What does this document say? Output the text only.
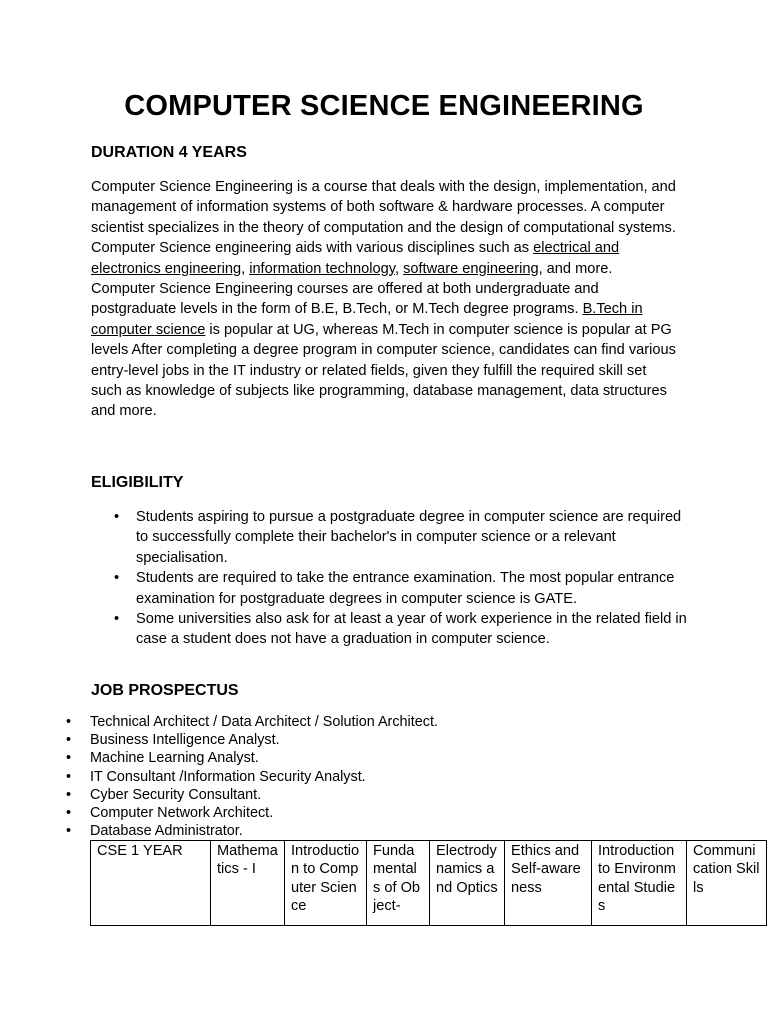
COMPUTER SCIENCE ENGINEERING
DURATION 4 YEARS

Computer Science Engineering is a course that deals with the design, implementation, and management of information systems of both software & hardware processes. A computer scientist specializes in the theory of computation and the design of computational systems. Computer Science engineering aids with various disciplines such as electrical and electronics engineering, information technology, software engineering, and more.

Computer Science Engineering courses are offered at both undergraduate and postgraduate levels in the form of B.E, B.Tech, or M.Tech degree programs. B.Tech in computer science is popular at UG, whereas M.Tech in computer science is popular at PG levels After completing a degree program in computer science, candidates can find various entry-level jobs in the IT industry or related fields, given they fulfill the required skill set such as knowledge of subjects like programming, database management, data structures and more.

ELIGIBILITY
• Students aspiring to pursue a postgraduate degree in computer science are required to successfully complete their bachelor's in computer science or a relevant specialisation.
• Students are required to take the entrance examination. The most popular entrance examination for postgraduate degrees in computer science is GATE.
• Some universities also ask for at least a year of work experience in the related field in case a student does not have a graduation in computer science.
JOB PROSPECTUS
• Technical Architect / Data Architect / Solution Architect.
• Business Intelligence Analyst.
• Machine Learning Analyst.
• IT Consultant /Information Security Analyst.
• Cyber Security Consultant.
• Computer Network Architect.
• Database Administrator.
CSE 1 YEAR	Mathematics - I	Introduction to Computer Science	Fundamentals of Object-	Electrodynamics and Optics	Ethics and Self-awareness	Introduction to Environmental Studies	Communication Skills
